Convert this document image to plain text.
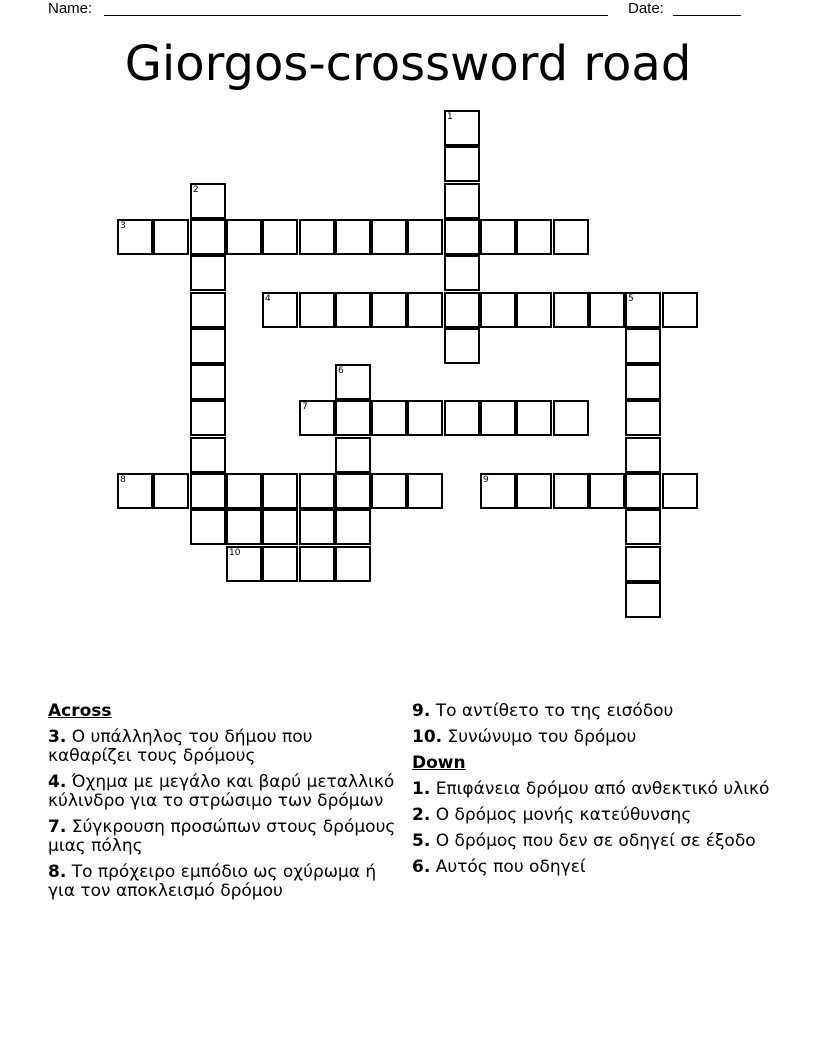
Name:	Date:
Giorgos-crossword road
1
2
3
4	5
6
7
8	9
10
Across
3. Ο υπάλληλος του δήμου που καθαρίζει τους δρόμους
4. Όχημα με μεγάλο και βαρύ μεταλλικό κύλινδρο για το στρώσιμο των δρόμων
7. Σύγκρουση προσώπων στους δρόμους μιας πόλης
8. Το πρόχειρο εμπόδιο ως οχύρωμα ή για τον αποκλεισμό δρόμου
9. Το αντίθετο το της εισόδου
10. Συνώνυμο του δρόμου
Down
1. Επιφάνεια δρόμου από ανθεκτικό υλικό
2. Ο δρόμος μονής κατεύθυνσης
5. Ο δρόμος που δεν σε οδηγεί σε έξοδο
6. Αυτός που οδηγεί
